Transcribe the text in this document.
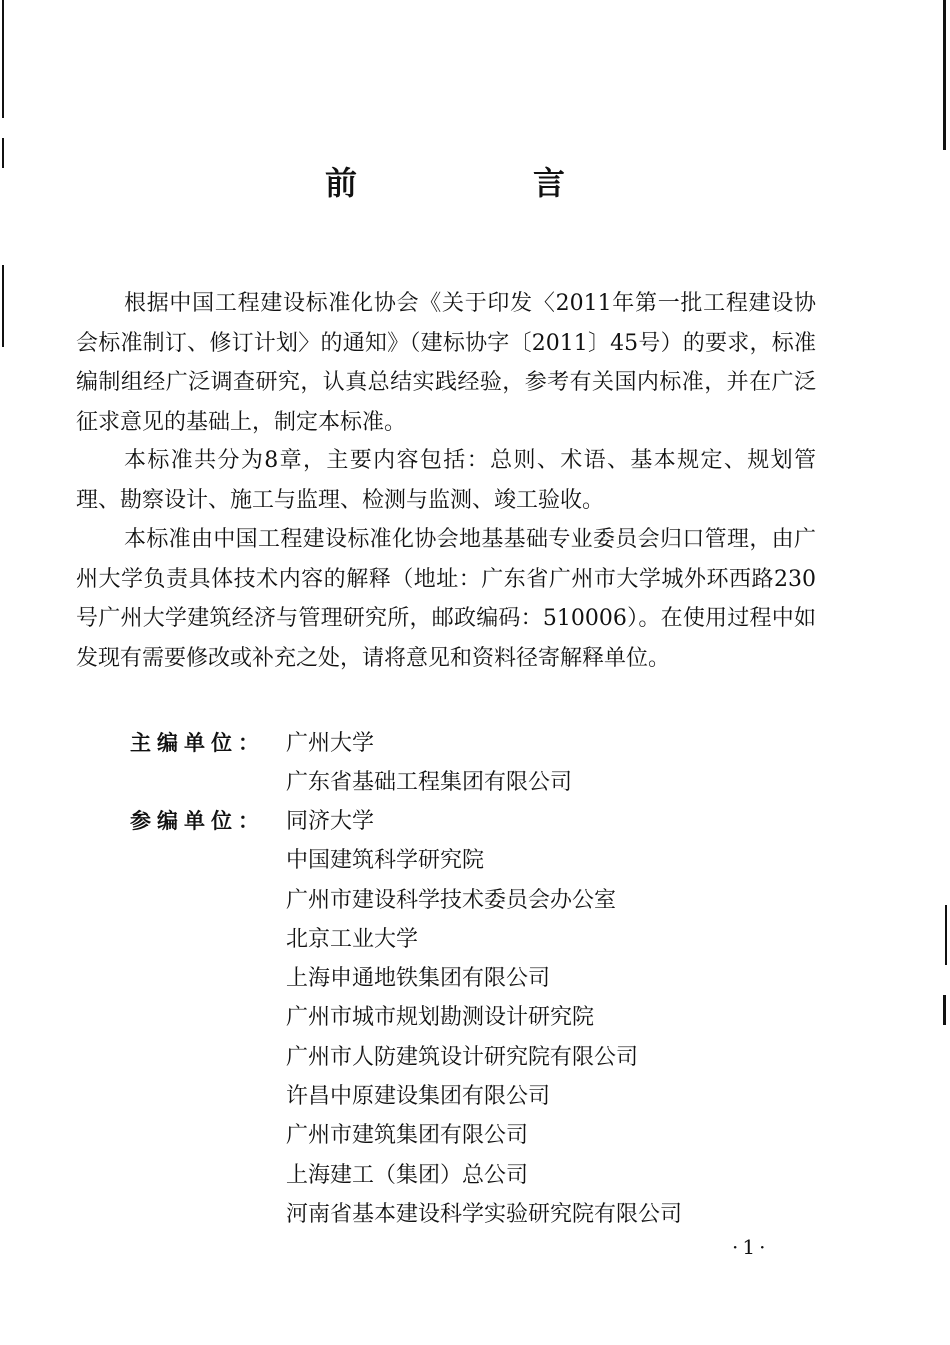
前　言

根据中国工程建设标准化协会《关于印发〈2011年第一批工程建设协会标准制订、修订计划〉的通知》（建标协字〔2011〕45号）的要求，标准编制组经广泛调查研究，认真总结实践经验，参考有关国内标准，并在广泛征求意见的基础上，制定本标准。

本标准共分为8章，主要内容包括：总则、术语、基本规定、规划管理、勘察设计、施工与监理、检测与监测、竣工验收。

本标准由中国工程建设标准化协会地基基础专业委员会归口管理，由广州大学负责具体技术内容的解释（地址：广东省广州市大学城外环西路230号广州大学建筑经济与管理研究所，邮政编码：510006）。在使用过程中如发现有需要修改或补充之处，请将意见和资料径寄解释单位。

主编单位： 广州大学
广东省基础工程集团有限公司
参编单位： 同济大学
中国建筑科学研究院
广州市建设科学技术委员会办公室
北京工业大学
上海申通地铁集团有限公司
广州市城市规划勘测设计研究院
广州市人防建筑设计研究院有限公司
许昌中原建设集团有限公司
广州市建筑集团有限公司
上海建工（集团）总公司
河南省基本建设科学实验研究院有限公司
·1·
